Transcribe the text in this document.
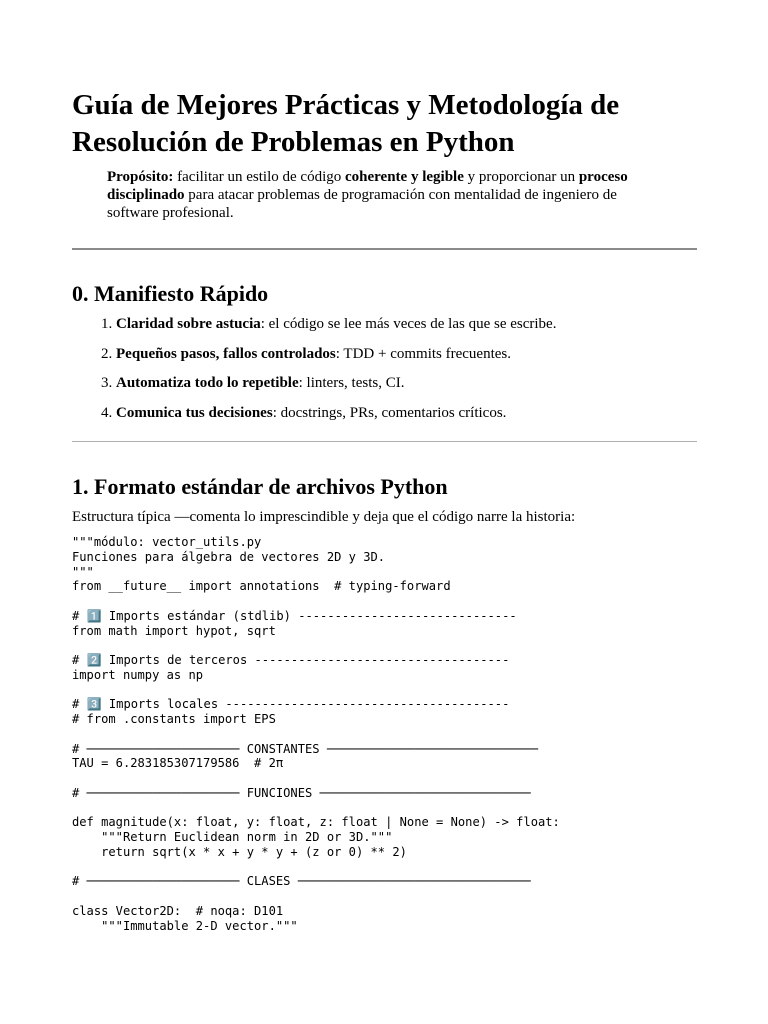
Guía de Mejores Prácticas y Metodología de Resolución de Problemas en Python

Propósito: facilitar un estilo de código coherente y legible y proporcionar un proceso disciplinado para atacar problemas de programación con mentalidad de ingeniero de software profesional.

0. Manifiesto Rápido
1. Claridad sobre astucia: el código se lee más veces de las que se escribe.
2. Pequeños pasos, fallos controlados: TDD + commits frecuentes.
3. Automatiza todo lo repetible: linters, tests, CI.
4. Comunica tus decisiones: docstrings, PRs, comentarios críticos.
1. Formato estándar de archivos Python

Estructura típica —comenta lo imprescindible y deja que el código narre la historia:

"""módulo: vector_utils.py
Funciones para álgebra de vectores 2D y 3D.
"""
from __future__ import annotations  # typing-forward

# 1️⃣ Imports estándar (stdlib) ------------------------------
from math import hypot, sqrt

# 2️⃣ Imports de terceros -----------------------------------
import numpy as np

# 3️⃣ Imports locales ---------------------------------------
# from .constants import EPS

# ───────────────────── CONSTANTES ─────────────────────────────
TAU = 6.283185307179586  # 2π

# ───────────────────── FUNCIONES ─────────────────────────────

def magnitude(x: float, y: float, z: float | None = None) -> float:
"""Return Euclidean norm in 2D or 3D."""
return sqrt(x * x + y * y + (z or 0) ** 2)

# ───────────────────── CLASES ────────────────────────────────

class Vector2D:  # noqa: D101
"""Immutable 2-D vector."""
